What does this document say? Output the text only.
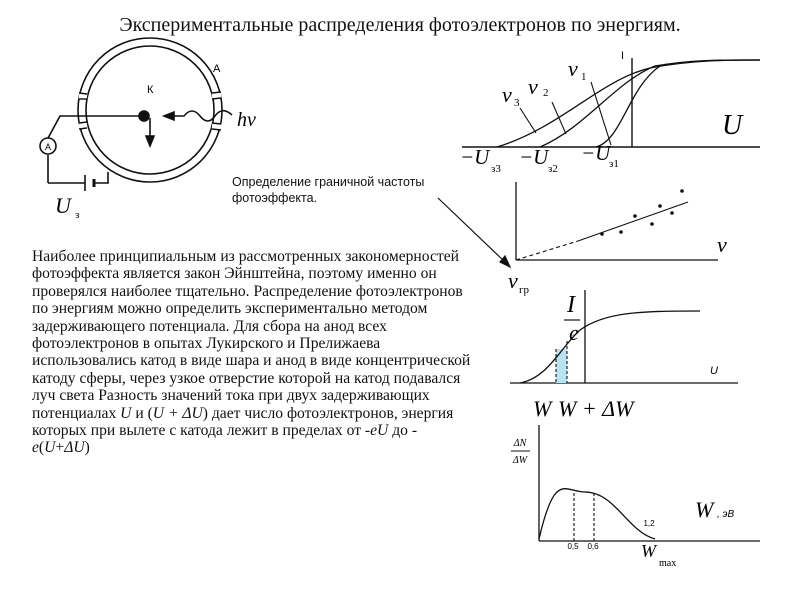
Экспериментальные распределения фотоэлектронов по энергиям.
Наиболее принципиальным из рассмотренных закономерностей фотоэффекта является закон Эйнштейна, поэтому именно он проверялся наиболее тщательно. Распределение фотоэлектронов по энергиям можно определить экспериментально методом задерживающего потенциала. Для сбора на анод всех фотоэлектронов в опытах Лукирского и Прелижаева использовались катод в виде шара и анод в виде концентрической катоду сферы, через узкое отверстие которой на катод подавался луч света Разность значений тока при двух задерживающих потенциалах U и (U + ΔU) дает число фотоэлектронов, энергия которых при вылете с катода лежит в пределах от -eU до - e(U+ΔU)
Определение граничной частоты фотоэффекта.
А
К
А
hν
U з
I
U
ν 1
ν 2
ν 3
−U
з1
−U з2
−U з3
ν
ν гр
I
e
U
W W + ΔW
ΔN
ΔW
W , эВ
0,5 0,6
1,2
W
max
